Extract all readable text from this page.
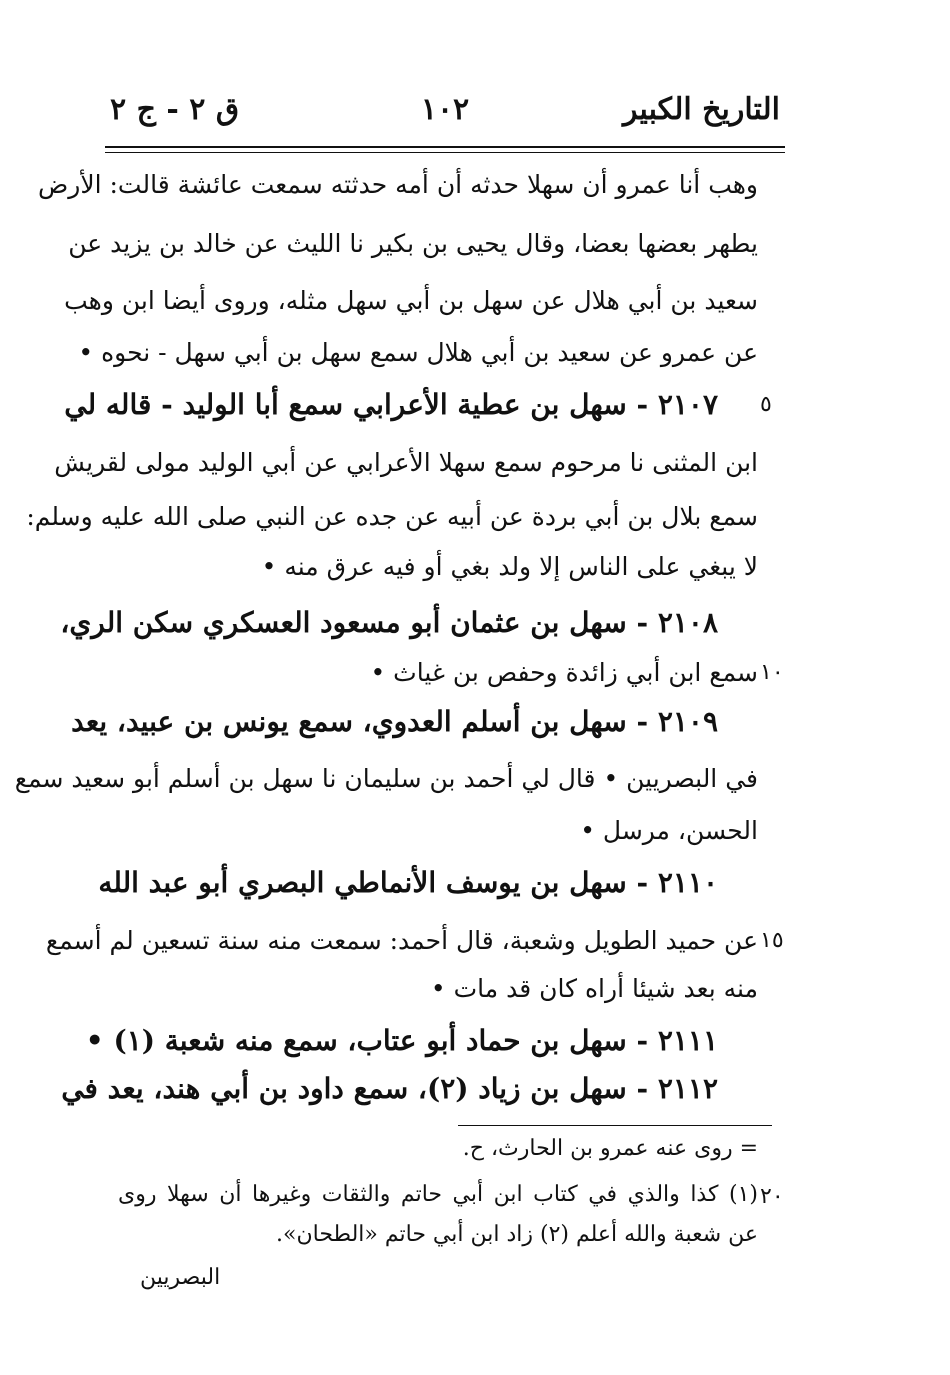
التاريخ الكبير
١٠٢
ق ٢ - ج ٢
وهب أنا عمرو أن سهلا حدثه أن أمه حدثته سمعت عائشة قالت: الأرض
يطهر بعضها بعضا، وقال يحيى بن بكير نا الليث عن خالد بن يزيد عن
سعيد بن أبي هلال عن سهل بن أبي سهل مثله، وروى أيضا ابن وهب
عن عمرو عن سعيد بن أبي هلال سمع سهل بن أبي سهل - نحوه •
٥
٢١٠٧ - سهل بن عطية الأعرابي سمع أبا الوليد - قاله لي
ابن المثنى نا مرحوم سمع سهلا الأعرابي عن أبي الوليد مولى لقريش
سمع بلال بن أبي بردة عن أبيه عن جده عن النبي صلى الله عليه وسلم:
لا يبغي على الناس إلا ولد بغي أو فيه عرق منه •
٢١٠٨ - سهل بن عثمان أبو مسعود العسكري سكن الري،
١٠
سمع ابن أبي زائدة وحفص بن غياث •
٢١٠٩ - سهل بن أسلم العدوي، سمع يونس بن عبيد، يعد
في البصريين • قال لي أحمد بن سليمان نا سهل بن أسلم أبو سعيد سمع
الحسن، مرسل •
٢١١٠ - سهل بن يوسف الأنماطي البصري أبو عبد الله
١٥
عن حميد الطويل وشعبة، قال أحمد: سمعت منه سنة تسعين لم أسمع
منه بعد شيئا أراه كان قد مات •
٢١١١ - سهل بن حماد أبو عتاب، سمع منه شعبة (١) •
٢١١٢ - سهل بن زياد (٢)، سمع داود بن أبي هند، يعد في
= روى عنه عمرو بن الحارث، ح.
٢٠
(١) كذا والذي في كتاب ابن أبي حاتم والثقات وغيرها أن سهلا روى
عن شعبة والله أعلم (٢) زاد ابن أبي حاتم «الطحان».
البصريين
